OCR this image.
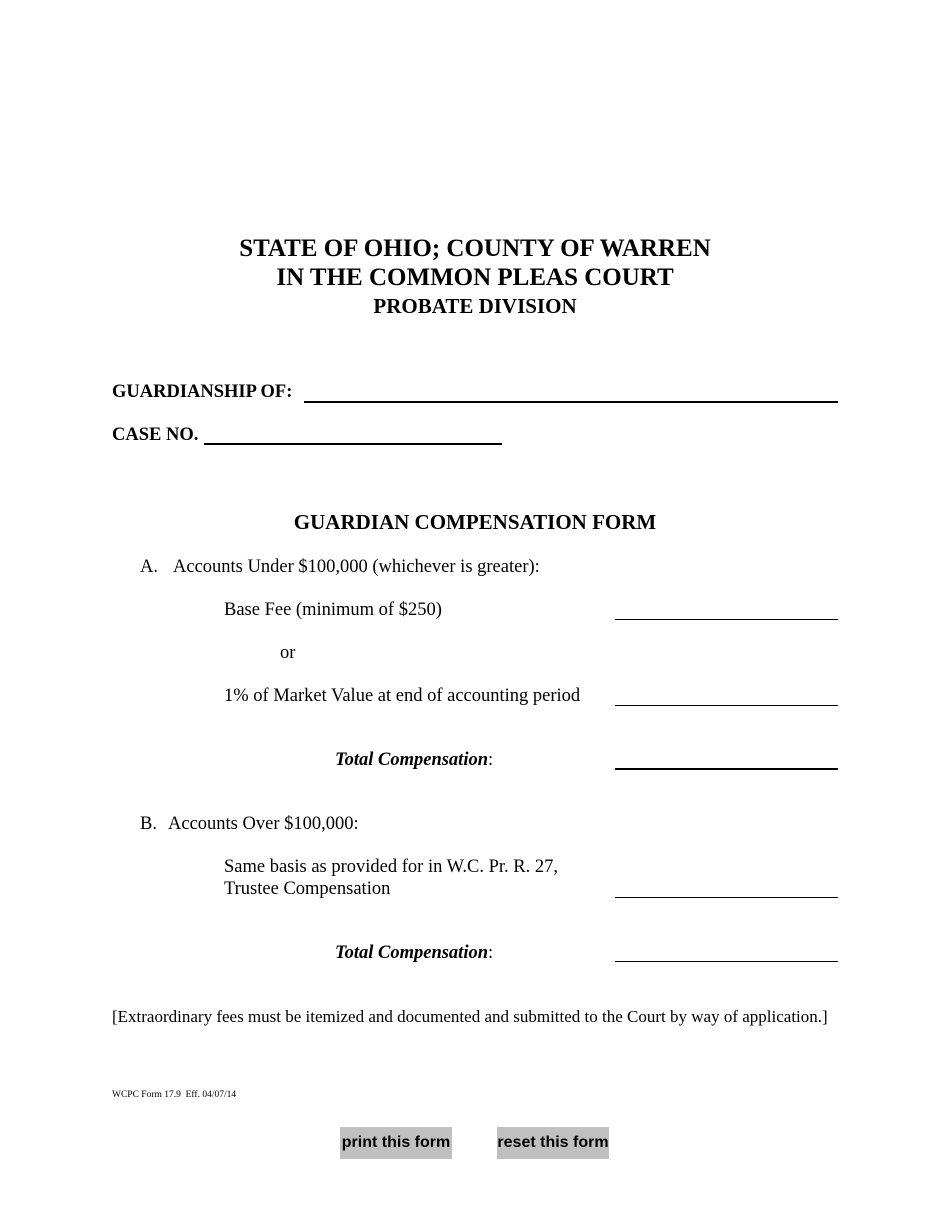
STATE OF OHIO; COUNTY OF WARREN
IN THE COMMON PLEAS COURT
PROBATE DIVISION
GUARDIANSHIP OF:
CASE NO.
GUARDIAN COMPENSATION FORM
A. Accounts Under $100,000 (whichever is greater):
Base Fee (minimum of $250)
or
1% of Market Value at end of accounting period
Total Compensation:
B. Accounts Over $100,000:
Same basis as provided for in W.C. Pr. R. 27,
Trustee Compensation
Total Compensation:
[Extraordinary fees must be itemized and documented and submitted to the Court by way of application.]
WCPC Form 17.9  Eff. 04/07/14
print this form	reset this form
